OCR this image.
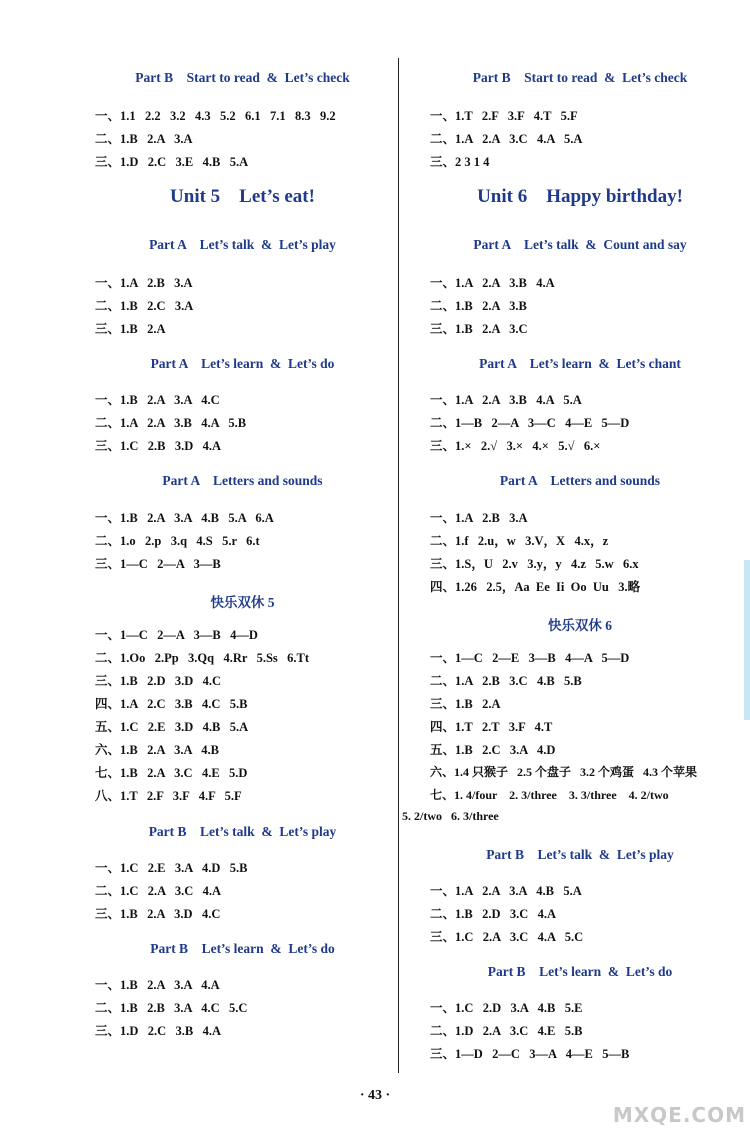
Part B    Start to read  &  Let’s check
一、1.1   2.2   3.2   4.3   5.2   6.1   7.1   8.3   9.2
二、1.B   2.A   3.A
三、1.D   2.C   3.E   4.B   5.A
Unit 5    Let’s eat!
Part A    Let’s talk  &  Let’s play
一、1.A   2.B   3.A
二、1.B   2.C   3.A
三、1.B   2.A
Part A    Let’s learn  &  Let’s do
一、1.B   2.A   3.A   4.C
二、1.A   2.A   3.B   4.A   5.B
三、1.C   2.B   3.D   4.A
Part A    Letters and sounds
一、1.B   2.A   3.A   4.B   5.A   6.A
二、1.o   2.p   3.q   4.S   5.r   6.t
三、1—C   2—A   3—B
快乐双休 5
一、1—C   2—A   3—B   4—D
二、1.Oo   2.Pp   3.Qq   4.Rr   5.Ss   6.Tt
三、1.B   2.D   3.D   4.C
四、1.A   2.C   3.B   4.C   5.B
五、1.C   2.E   3.D   4.B   5.A
六、1.B   2.A   3.A   4.B
七、1.B   2.A   3.C   4.E   5.D
八、1.T   2.F   3.F   4.F   5.F
Part B    Let’s talk  &  Let’s play
一、1.C   2.E   3.A   4.D   5.B
二、1.C   2.A   3.C   4.A
三、1.B   2.A   3.D   4.C
Part B    Let’s learn  &  Let’s do
一、1.B   2.A   3.A   4.A
二、1.B   2.B   3.A   4.C   5.C
三、1.D   2.C   3.B   4.A
Part B    Start to read  &  Let’s check
一、1.T   2.F   3.F   4.T   5.F
二、1.A   2.A   3.C   4.A   5.A
三、2 3 1 4
Unit 6    Happy birthday!
Part A    Let’s talk  &  Count and say
一、1.A   2.A   3.B   4.A
二、1.B   2.A   3.B
三、1.B   2.A   3.C
Part A    Let’s learn  &  Let’s chant
一、1.A   2.A   3.B   4.A   5.A
二、1—B   2—A   3—C   4—E   5—D
三、1.×   2.√   3.×   4.×   5.√   6.×
Part A    Letters and sounds
一、1.A   2.B   3.A
二、1.f   2.u，w   3.V，X   4.x，z
三、1.S，U   2.v   3.y，y   4.z   5.w   6.x
四、1.26   2.5，Aa  Ee  Ii  Oo  Uu   3.略
快乐双休 6
一、1—C   2—E   3—B   4—A   5—D
二、1.A   2.B   3.C   4.B   5.B
三、1.B   2.A
四、1.T   2.T   3.F   4.T
五、1.B   2.C   3.A   4.D
六、1.4 只猴子   2.5 个盘子   3.2 个鸡蛋   4.3 个苹果
七、1. 4/four    2. 3/three    3. 3/three    4. 2/two
5. 2/two   6. 3/three
Part B    Let’s talk  &  Let’s play
一、1.A   2.A   3.A   4.B   5.A
二、1.B   2.D   3.C   4.A
三、1.C   2.A   3.C   4.A   5.C
Part B    Let’s learn  &  Let’s do
一、1.C   2.D   3.A   4.B   5.E
二、1.D   2.A   3.C   4.E   5.B
三、1—D   2—C   3—A   4—E   5—B
· 43 ·
MXQE.COM
